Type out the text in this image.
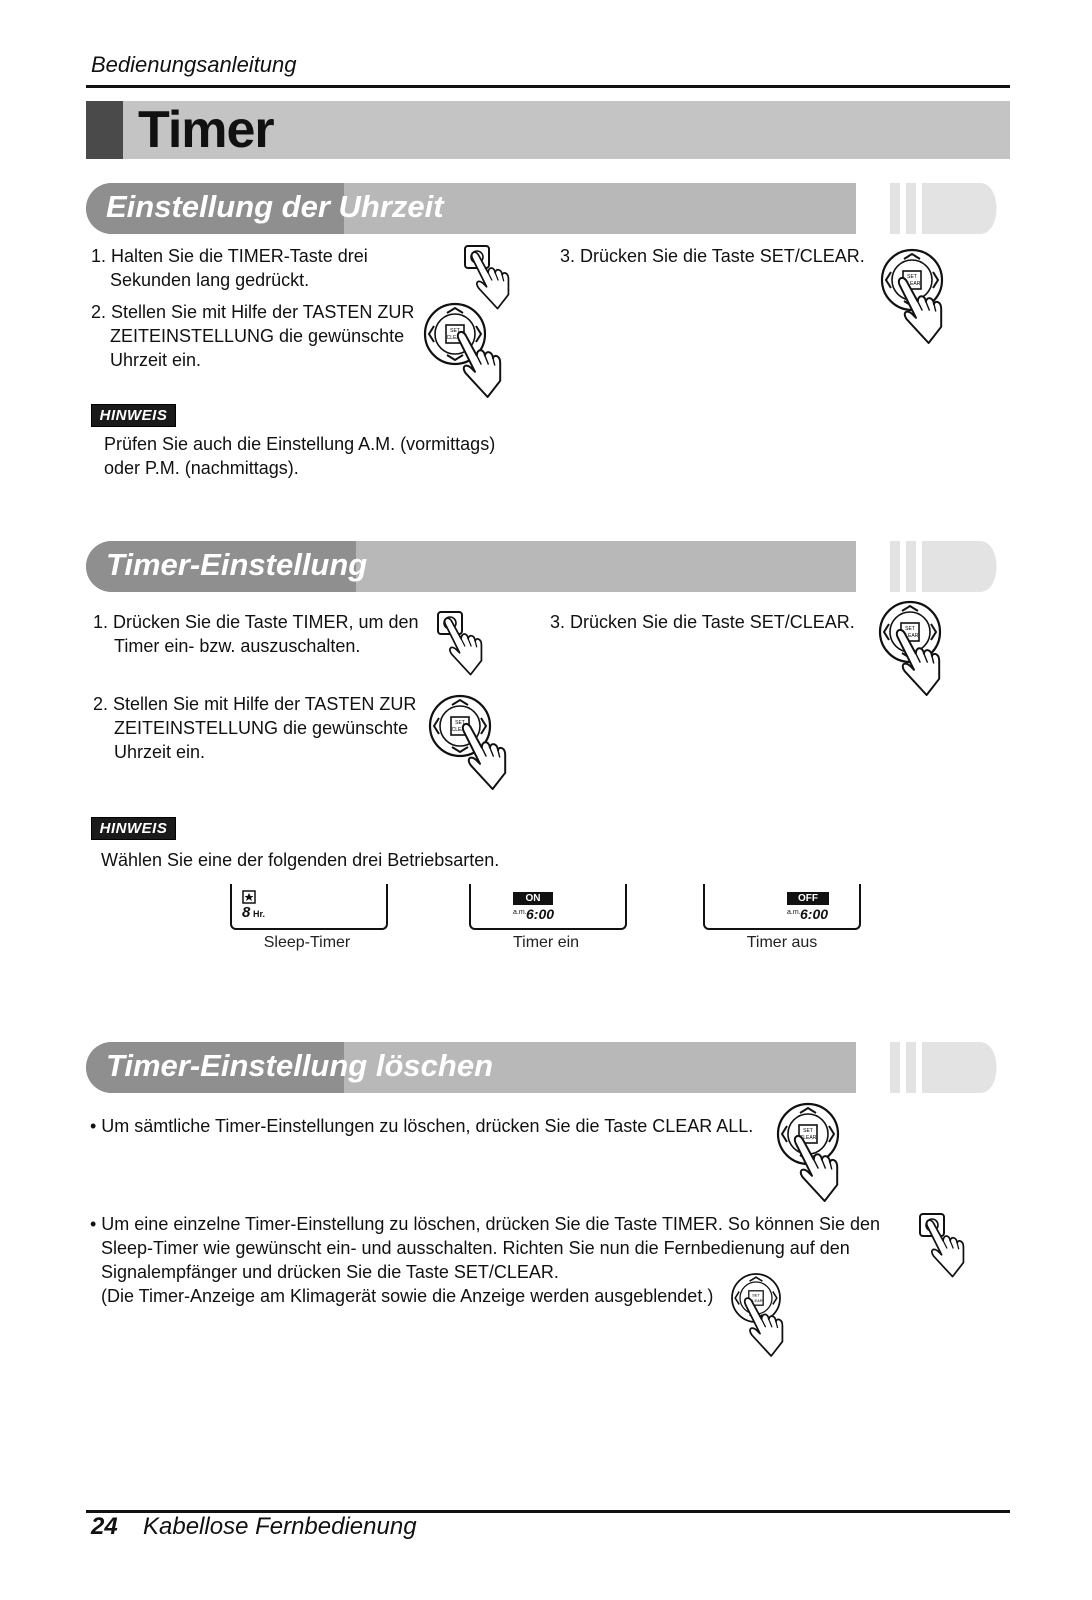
SET
CLEAR
Bedienungsanleitung
Timer
Einstellung der Uhrzeit
1. Halten Sie die TIMER-Taste drei
Sekunden lang gedrückt.
2. Stellen Sie mit Hilfe der TASTEN ZUR
ZEITEINSTELLUNG die gewünschte
Uhrzeit ein.
3. Drücken Sie die Taste SET/CLEAR.
HINWEIS
Prüfen Sie auch die Einstellung A.M. (vormittags)
oder P.M. (nachmittags).
Timer-Einstellung
1. Drücken Sie die Taste TIMER, um den
Timer ein- bzw. auszuschalten.
2. Stellen Sie mit Hilfe der TASTEN ZUR
ZEITEINSTELLUNG die gewünschte
Uhrzeit ein.
3. Drücken Sie die Taste SET/CLEAR.
HINWEIS
Wählen Sie eine der folgenden drei Betriebsarten.
8 Hr.
Sleep-Timer
ON
a.m. 6:00
Timer ein
OFF
a.m. 6:00
Timer aus
Timer-Einstellung löschen
• Um sämtliche Timer-Einstellungen zu löschen, drücken Sie die Taste CLEAR ALL.
• Um eine einzelne Timer-Einstellung zu löschen, drücken Sie die Taste TIMER. So können Sie den
Sleep-Timer wie gewünscht ein- und ausschalten. Richten Sie nun die Fernbedienung auf den
Signalempfänger und drücken Sie die Taste SET/CLEAR.
(Die Timer-Anzeige am Klimagerät sowie die Anzeige werden ausgeblendet.)
24 Kabellose Fernbedienung
